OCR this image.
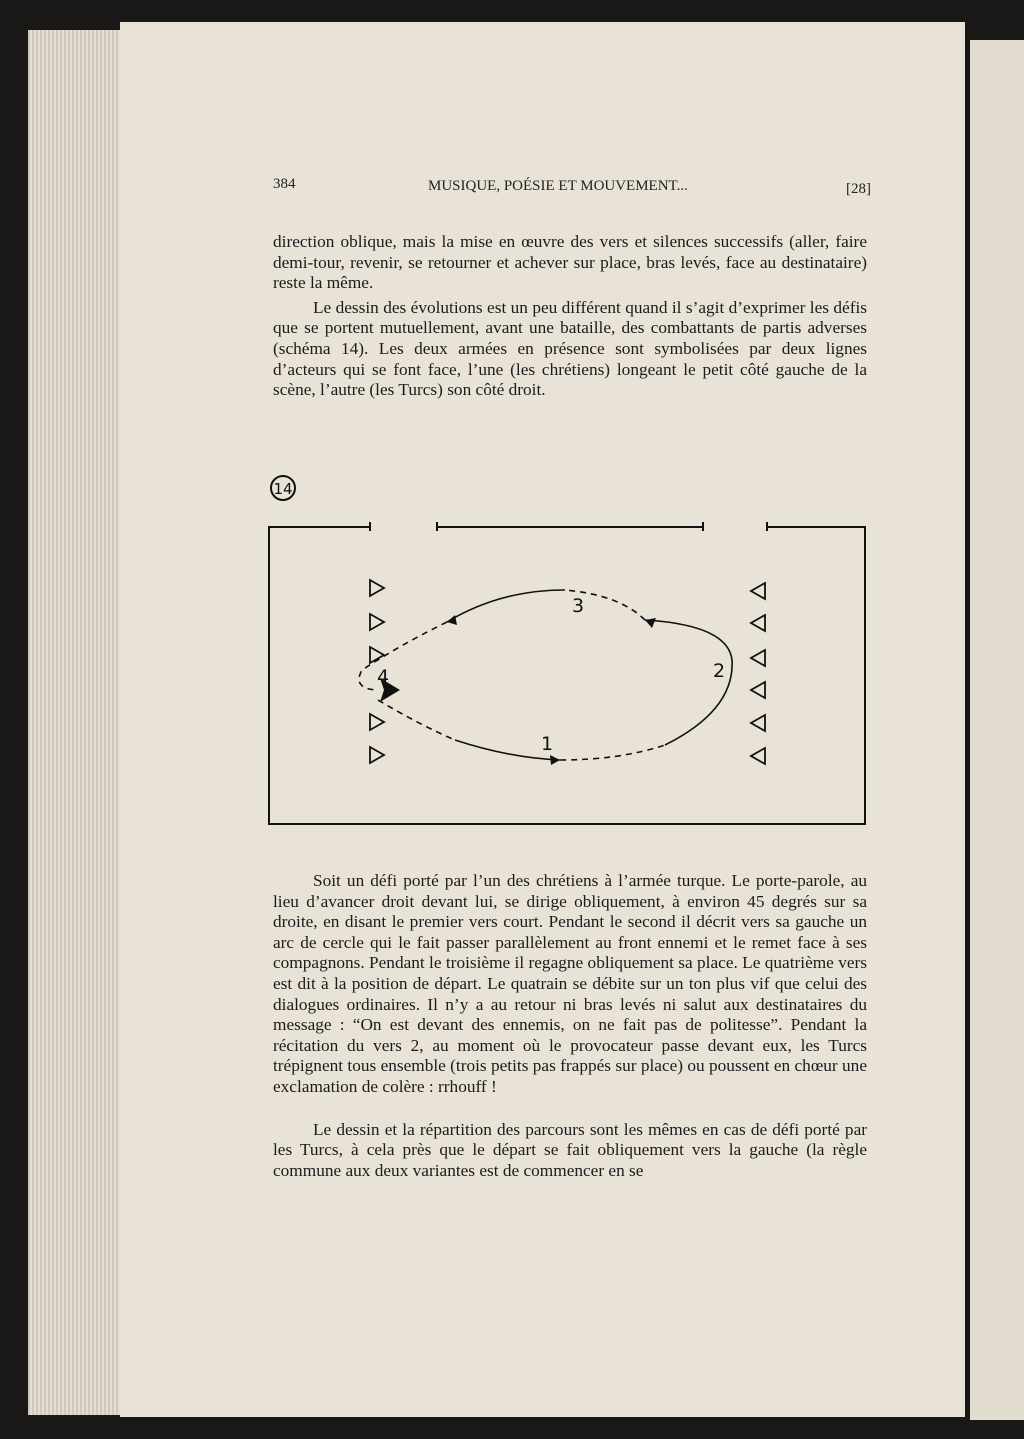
384	MUSIQUE, POÉSIE ET MOUVEMENT...	[28]

direction oblique, mais la mise en œuvre des vers et silences successifs (aller, faire demi-tour, revenir, se retourner et achever sur place, bras levés, face au destinataire) reste la même.

Le dessin des évolutions est un peu différent quand il s’agit d’exprimer les défis que se portent mutuellement, avant une bataille, des combattants de partis adverses (schéma 14). Les deux armées en présence sont symbolisées par deux lignes d’acteurs qui se font face, l’une (les chrétiens) longeant le petit côté gauche de la scène, l’autre (les Turcs) son côté droit.

14
1
2
3
4

Soit un défi porté par l’un des chrétiens à l’armée turque. Le porte-parole, au lieu d’avancer droit devant lui, se dirige obliquement, à environ 45 degrés sur sa droite, en disant le premier vers court. Pendant le second il décrit vers sa gauche un arc de cercle qui le fait passer parallèlement au front ennemi et le remet face à ses compagnons. Pendant le troisième il regagne obliquement sa place. Le quatrième vers est dit à la position de départ. Le quatrain se débite sur un ton plus vif que celui des dialogues ordinaires. Il n’y a au retour ni bras levés ni salut aux destinataires du message : “On est devant des ennemis, on ne fait pas de politesse”. Pendant la récitation du vers 2, au moment où le provocateur passe devant eux, les Turcs trépignent tous ensemble (trois petits pas frappés sur place) ou poussent en chœur une exclamation de colère : rrhouff !

Le dessin et la répartition des parcours sont les mêmes en cas de défi porté par les Turcs, à cela près que le départ se fait obliquement vers la gauche (la règle commune aux deux variantes est de commencer en se
